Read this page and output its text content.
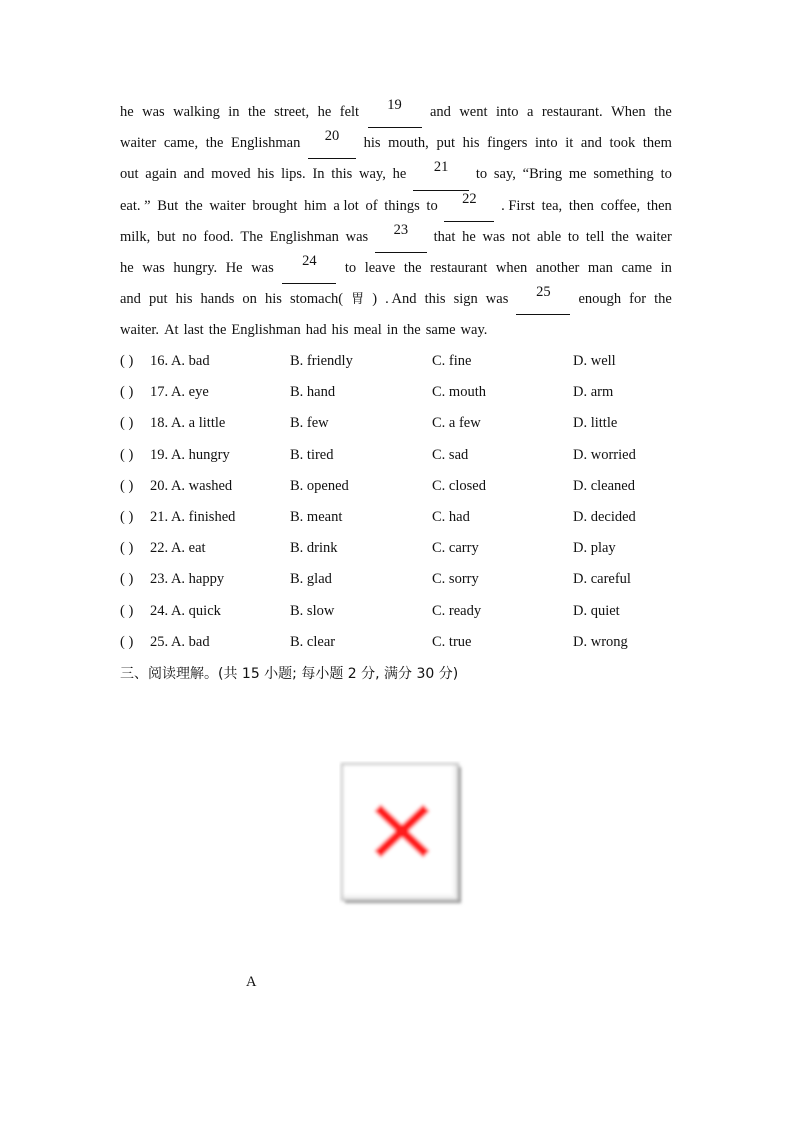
he was walking in the street, he felt	19	and went into a restaurant. When the
waiter came, the Englishman	20	his mouth, put his fingers into it and took them
out again and moved his lips. In this way, he	21	to say, “Bring me something to
eat. ” But the waiter brought him a lot of things to	22	. First tea, then coffee, then
milk, but no food. The Englishman was	23	that he was not able to tell the waiter
he was hungry. He was	24	to leave the restaurant when another man came in
and put his hands on his stomach( 胃 ) . And this sign was	25	enough for the
waiter. At last the Englishman had his meal in the same way.
( ) 16. A. bad	B. friendly	C. fine	D. well
( ) 17. A. eye	B. hand	C. mouth	D. arm
( ) 18. A. a little	B. few	C. a few	D. little
( ) 19. A. hungry	B. tired	C. sad	D. worried
( ) 20. A. washed	B. opened	C. closed	D. cleaned
( ) 21. A. finished	B. meant	C. had	D. decided
( ) 22. A. eat	B. drink	C. carry	D. play
( ) 23. A. happy	B. glad	C. sorry	D. careful
( ) 24. A. quick	B. slow	C. ready	D. quiet
( ) 25. A. bad	B. clear	C. true	D. wrong
三、阅读理解。(共 15 小题; 每小题 2 分, 满分 30 分)
A
